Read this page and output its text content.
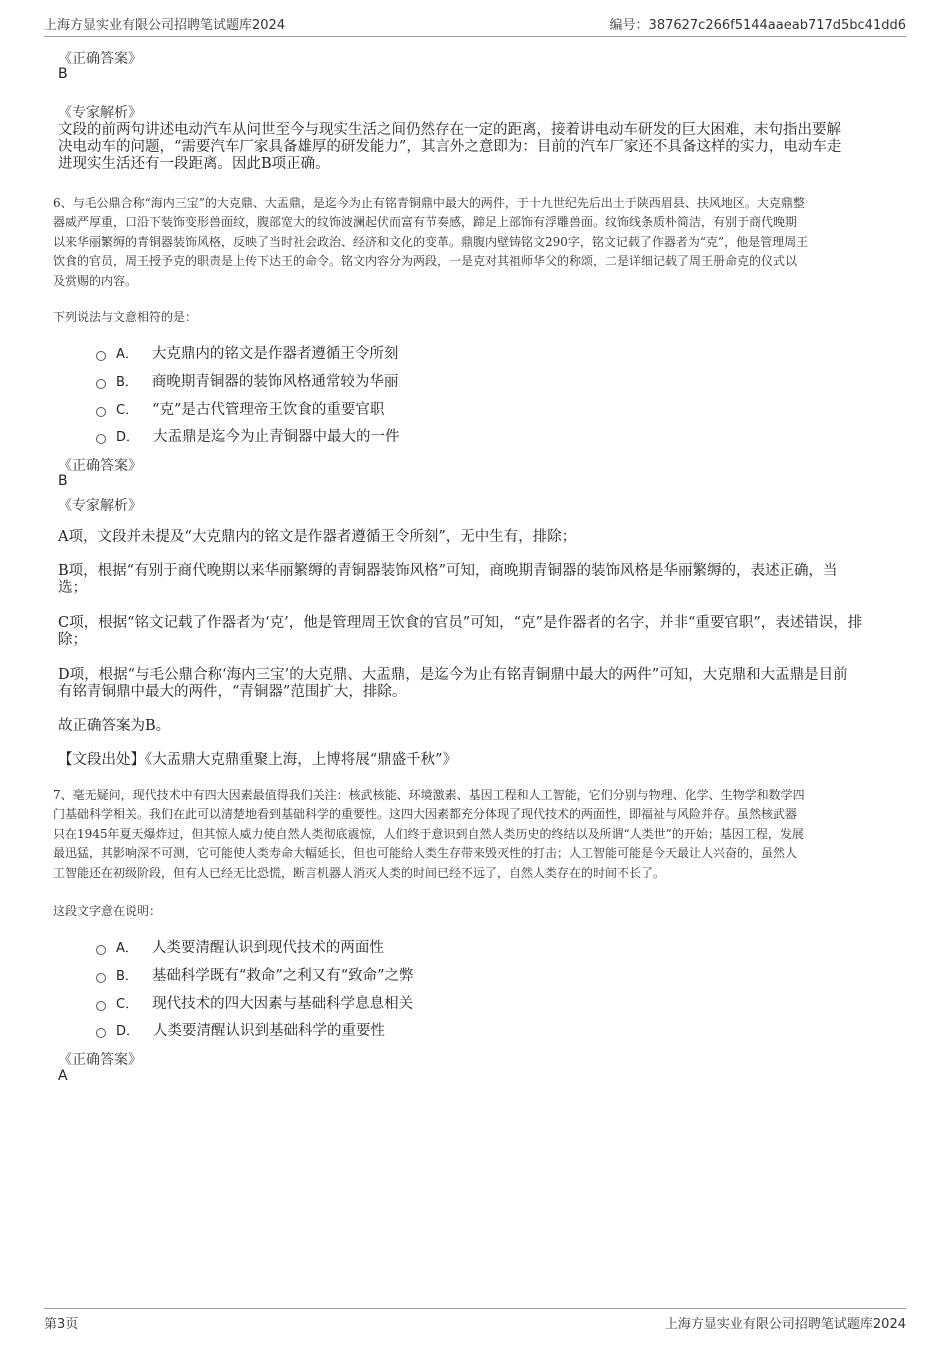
上海方显实业有限公司招聘笔试题库2024	编号：387627c266f5144aaeab717d5bc41dd6
《正确答案》
B
《专家解析》
文段的前两句讲述电动汽车从问世至今与现实生活之间仍然存在一定的距离，接着讲电动车研发的巨大困难，末句指出要解
决电动车的问题，“需要汽车厂家具备雄厚的研发能力”，其言外之意即为：目前的汽车厂家还不具备这样的实力，电动车走
进现实生活还有一段距离。因此B项正确。
6、与毛公鼎合称“海内三宝”的大克鼎、大盂鼎，是迄今为止有铭青铜鼎中最大的两件，于十九世纪先后出土于陕西眉县、扶风地区。大克鼎整
器威严厚重，口沿下装饰变形兽面纹，腹部宽大的纹饰波澜起伏而富有节奏感，蹄足上部饰有浮雕兽面。纹饰线条质朴简洁，有别于商代晚期
以来华丽繁缛的青铜器装饰风格，反映了当时社会政治、经济和文化的变革。鼎腹内壁铸铭文290字，铭文记载了作器者为“克”，他是管理周王
饮食的官员，周王授予克的职责是上传下达王的命令。铭文内容分为两段，一是克对其祖师华父的称颂，二是详细记载了周王册命克的仪式以
及赏赐的内容。
下列说法与文意相符的是：
A． 大克鼎内的铭文是作器者遵循王令所刻
B． 商晚期青铜器的装饰风格通常较为华丽
C． “克”是古代管理帝王饮食的重要官职
D． 大盂鼎是迄今为止青铜器中最大的一件
《正确答案》
B
《专家解析》
A项，文段并未提及“大克鼎内的铭文是作器者遵循王令所刻”，无中生有，排除；
B项，根据“有别于商代晚期以来华丽繁缛的青铜器装饰风格”可知，商晚期青铜器的装饰风格是华丽繁缛的，表述正确，当
选；
C项，根据“铭文记载了作器者为‘克’，他是管理周王饮食的官员”可知，“克”是作器者的名字，并非“重要官职”，表述错误，排
除；
D项，根据“与毛公鼎合称‘海内三宝’的大克鼎、大盂鼎，是迄今为止有铭青铜鼎中最大的两件”可知，大克鼎和大盂鼎是目前
有铭青铜鼎中最大的两件，“青铜器”范围扩大，排除。
故正确答案为B。
【文段出处】《大盂鼎大克鼎重聚上海，上博将展“鼎盛千秋”》
7、毫无疑问，现代技术中有四大因素最值得我们关注：核武核能、环境激素、基因工程和人工智能，它们分别与物理、化学、生物学和数学四
门基础科学相关。我们在此可以清楚地看到基础科学的重要性。这四大因素都充分体现了现代技术的两面性，即福祉与风险并存。虽然核武器
只在1945年夏天爆炸过，但其惊人威力使自然人类彻底震惊，人们终于意识到自然人类历史的终结以及所谓“人类世”的开始；基因工程，发展
最迅猛，其影响深不可测，它可能使人类寿命大幅延长，但也可能给人类生存带来毁灭性的打击；人工智能可能是今天最让人兴奋的，虽然人
工智能还在初级阶段，但有人已经无比恐慌，断言机器人消灭人类的时间已经不远了，自然人类存在的时间不长了。
这段文字意在说明：
A． 人类要清醒认识到现代技术的两面性
B． 基础科学既有“救命”之利又有“致命”之弊
C． 现代技术的四大因素与基础科学息息相关
D． 人类要清醒认识到基础科学的重要性
《正确答案》
A
第3页	上海方显实业有限公司招聘笔试题库2024
